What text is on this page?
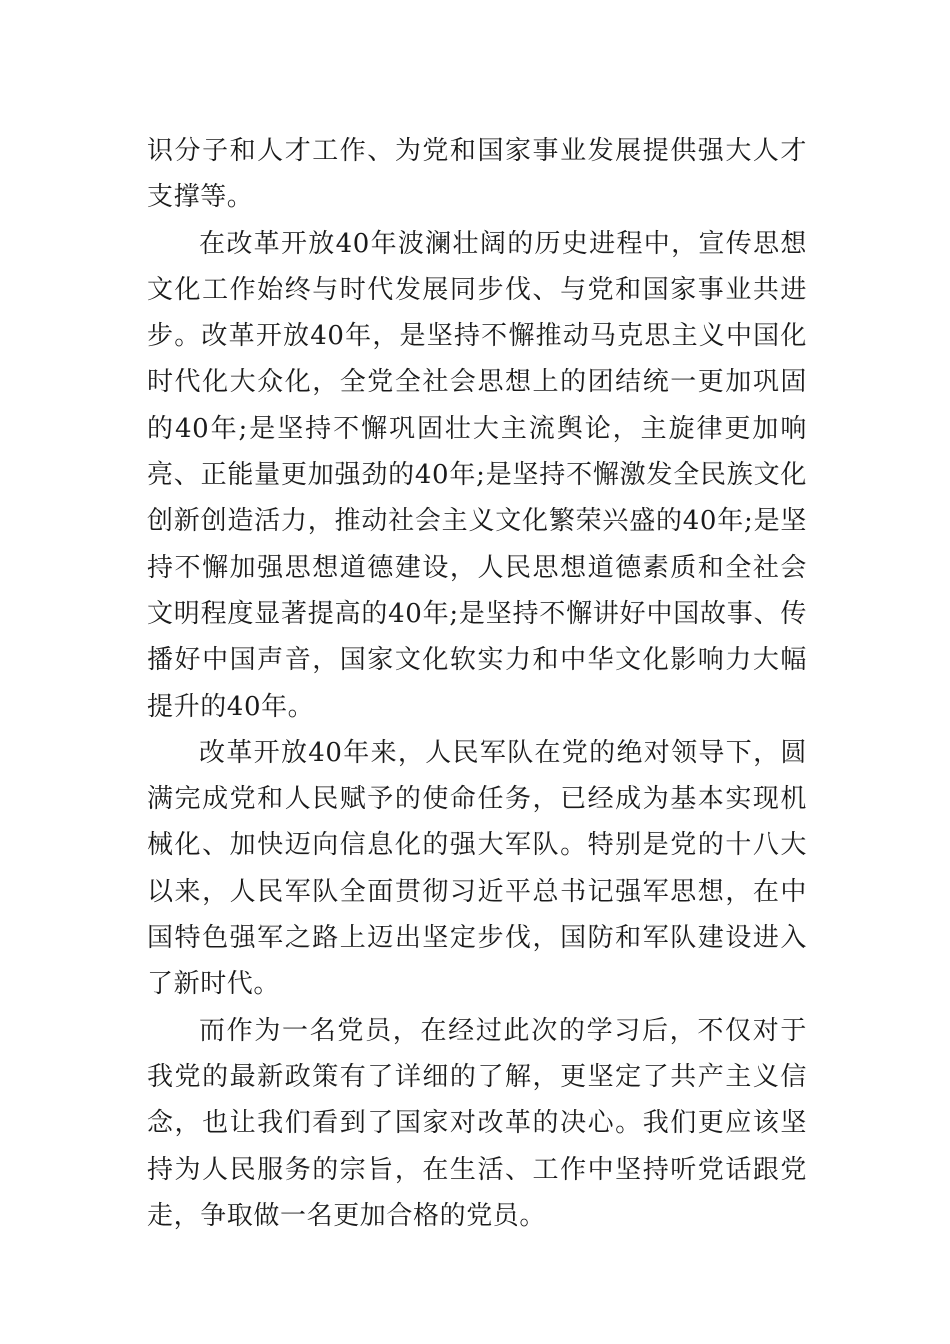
识分子和人才工作、为党和国家事业发展提供强大人才支撑等。

在改革开放40年波澜壮阔的历史进程中，宣传思想文化工作始终与时代发展同步伐、与党和国家事业共进步。改革开放40年，是坚持不懈推动马克思主义中国化时代化大众化，全党全社会思想上的团结统一更加巩固的40年;是坚持不懈巩固壮大主流舆论，主旋律更加响亮、正能量更加强劲的40年;是坚持不懈激发全民族文化创新创造活力，推动社会主义文化繁荣兴盛的40年;是坚持不懈加强思想道德建设，人民思想道德素质和全社会文明程度显著提高的40年;是坚持不懈讲好中国故事、传播好中国声音，国家文化软实力和中华文化影响力大幅提升的40年。

改革开放40年来，人民军队在党的绝对领导下，圆满完成党和人民赋予的使命任务，已经成为基本实现机械化、加快迈向信息化的强大军队。特别是党的十八大以来，人民军队全面贯彻习近平总书记强军思想，在中国特色强军之路上迈出坚定步伐，国防和军队建设进入了新时代。

而作为一名党员，在经过此次的学习后，不仅对于我党的最新政策有了详细的了解，更坚定了共产主义信念，也让我们看到了国家对改革的决心。我们更应该坚持为人民服务的宗旨，在生活、工作中坚持听党话跟党走，争取做一名更加合格的党员。
